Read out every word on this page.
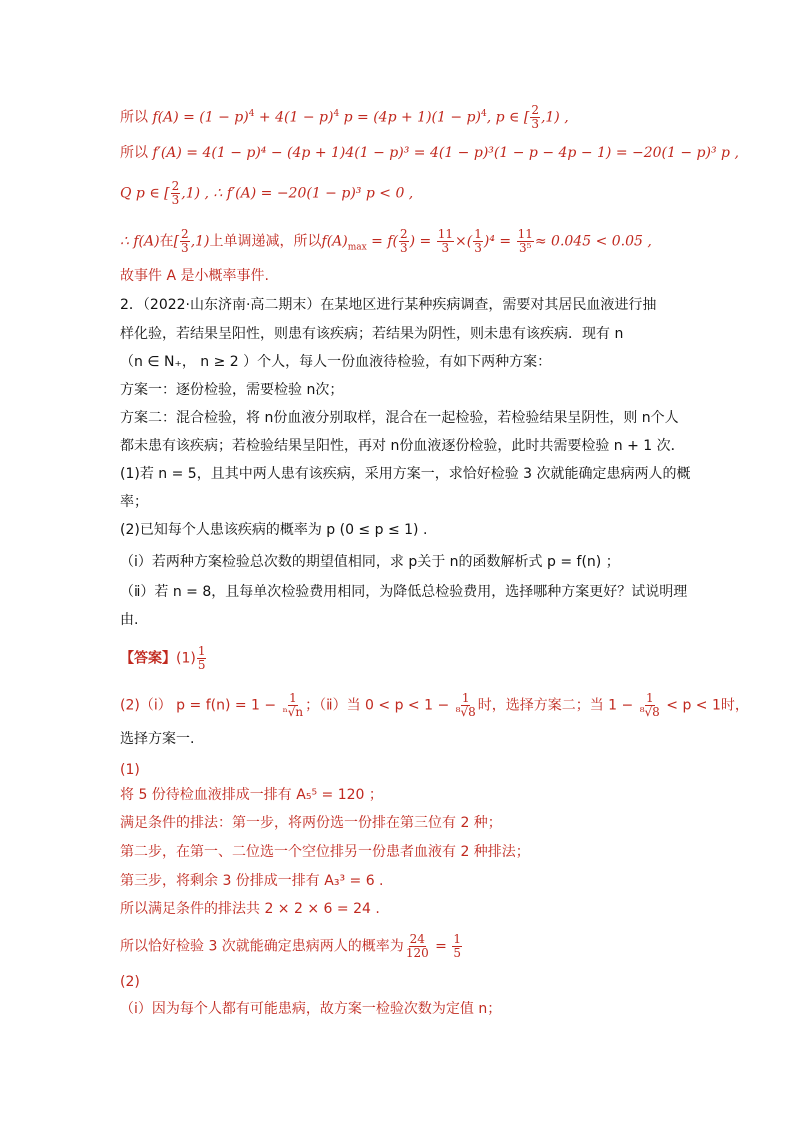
所以 $f(A) = (1 - p)^4 + 4(1 - p)^4$ $p = (4p + 1)(1 - p)^4$, p ∈ [ $\frac{2}{3} ,1$) ,
所以 f′(A) = 4(1 − p)⁴ − (4p + 1)4(1 − p)³ = 4(1 − p)³(1 − p − 4p − 1) = −20(1 − p)³ p ,
Q p ∈ [ $\frac{2}{3} ,1$) , ∴ f′(A) = −20(1 − p)³ p < 0 ,
∴ f(A)在[ $\frac{2}{3} ,1$)上单调递减，所以$f(A)_{max} = f( \frac{2}{3}$ ) = $\frac{11}{3}$ ×( $\frac{1}{3} )^4 = \frac{11}{\text{3⁵}} \approx 0.045 < 0.05$ ,
故事件 A 是小概率事件.
2．（2022·山东济南·高二期末）在某地区进行某种疾病调查，需要对其居民血液进行抽
样化验，若结果呈阳性，则患有该疾病；若结果为阴性，则未患有该疾病．现有 n
（n ∈ N₊， n ≥ 2 ）个人，每人一份血液待检验，有如下两种方案：
方案一：逐份检验，需要检验 n次；
方案二：混合检验，将 n份血液分别取样，混合在一起检验，若检验结果呈阴性，则 n个人
都未患有该疾病；若检验结果呈阳性，再对 n份血液逐份检验，此时共需要检验 n + 1 次．
(1)若 n = 5，且其中两人患有该疾病，采用方案一，求恰好检验 3 次就能确定患病两人的概
率；
(2)已知每个人患该疾病的概率为 p (0 ≤ p ≤ 1) .
（ⅰ）若两种方案检验总次数的期望值相同，求 p关于 n的函数解析式 p = f(n) ；
（ⅱ）若 n = 8，且每单次检验费用相同，为降低总检验费用，选择哪种方案更好？试说明理
由.
【答案】$(1) \frac{1}{5}$
(2)（ⅰ） $p = f(n) = 1 - \frac{1}{\text{ⁿ√n}}$ ；（ⅱ）当 $0 < p < 1 - \frac{1}{\text{⁸√8}}$ 时，选择方案二；当 $1 - \frac{1}{\text{⁸√8}} < p < 1$时，
选择方案一.
(1)
将 5 份待检血液排成一排有 A₅⁵ = 120 ；
满足条件的排法：第一步，将两份选一份排在第三位有 2 种；
第二步，在第一、二位选一个空位排另一份患者血液有 2 种排法；
第三步，将剩余 3 份排成一排有 A₃³ = 6 .
所以满足条件的排法共 2 × 2 × 6 = 24 .
所以恰好检验 3 次就能确定患病两人的概率为 $\frac{24}{120} = \frac{1}{5}$
(2)
（ⅰ）因为每个人都有可能患病，故方案一检验次数为定值 n；
